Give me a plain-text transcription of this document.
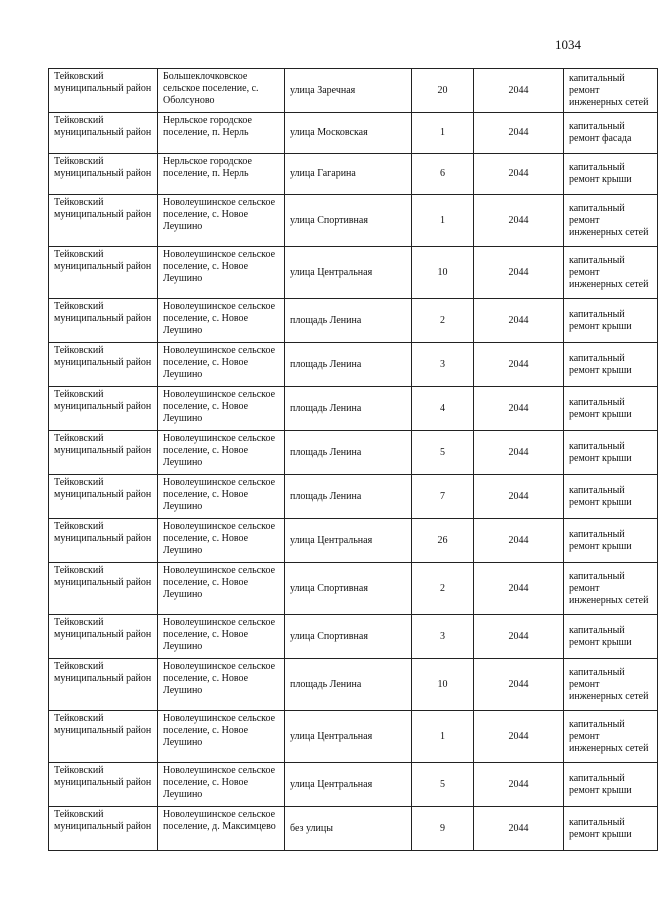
1034
Тейковский муниципальный район	Большеклочковское сельское поселение, с. Оболсуново	улица Заречная	20	2044	капитальный ремонт инженерных сетей
Тейковский муниципальный район	Нерльское городское поселение, п. Нерль	улица Московская	1	2044	капитальный ремонт фасада
Тейковский муниципальный район	Нерльское городское поселение, п. Нерль	улица Гагарина	6	2044	капитальный ремонт крыши
Тейковский муниципальный район	Новолеушинское сельское поселение, с. Новое Леушино	улица Спортивная	1	2044	капитальный ремонт инженерных сетей
Тейковский муниципальный район	Новолеушинское сельское поселение, с. Новое Леушино	улица Центральная	10	2044	капитальный ремонт инженерных сетей
Тейковский муниципальный район	Новолеушинское сельское поселение, с. Новое Леушино	площадь Ленина	2	2044	капитальный ремонт крыши
Тейковский муниципальный район	Новолеушинское сельское поселение, с. Новое Леушино	площадь Ленина	3	2044	капитальный ремонт крыши
Тейковский муниципальный район	Новолеушинское сельское поселение, с. Новое Леушино	площадь Ленина	4	2044	капитальный ремонт крыши
Тейковский муниципальный район	Новолеушинское сельское поселение, с. Новое Леушино	площадь Ленина	5	2044	капитальный ремонт крыши
Тейковский муниципальный район	Новолеушинское сельское поселение, с. Новое Леушино	площадь Ленина	7	2044	капитальный ремонт крыши
Тейковский муниципальный район	Новолеушинское сельское поселение, с. Новое Леушино	улица Центральная	26	2044	капитальный ремонт крыши
Тейковский муниципальный район	Новолеушинское сельское поселение, с. Новое Леушино	улица Спортивная	2	2044	капитальный ремонт инженерных сетей
Тейковский муниципальный район	Новолеушинское сельское поселение, с. Новое Леушино	улица Спортивная	3	2044	капитальный ремонт крыши
Тейковский муниципальный район	Новолеушинское сельское поселение, с. Новое Леушино	площадь Ленина	10	2044	капитальный ремонт инженерных сетей
Тейковский муниципальный район	Новолеушинское сельское поселение, с. Новое Леушино	улица Центральная	1	2044	капитальный ремонт инженерных сетей
Тейковский муниципальный район	Новолеушинское сельское поселение, с. Новое Леушино	улица Центральная	5	2044	капитальный ремонт крыши
Тейковский муниципальный район	Новолеушинское сельское поселение, д. Максимцево	без улицы	9	2044	капитальный ремонт крыши
